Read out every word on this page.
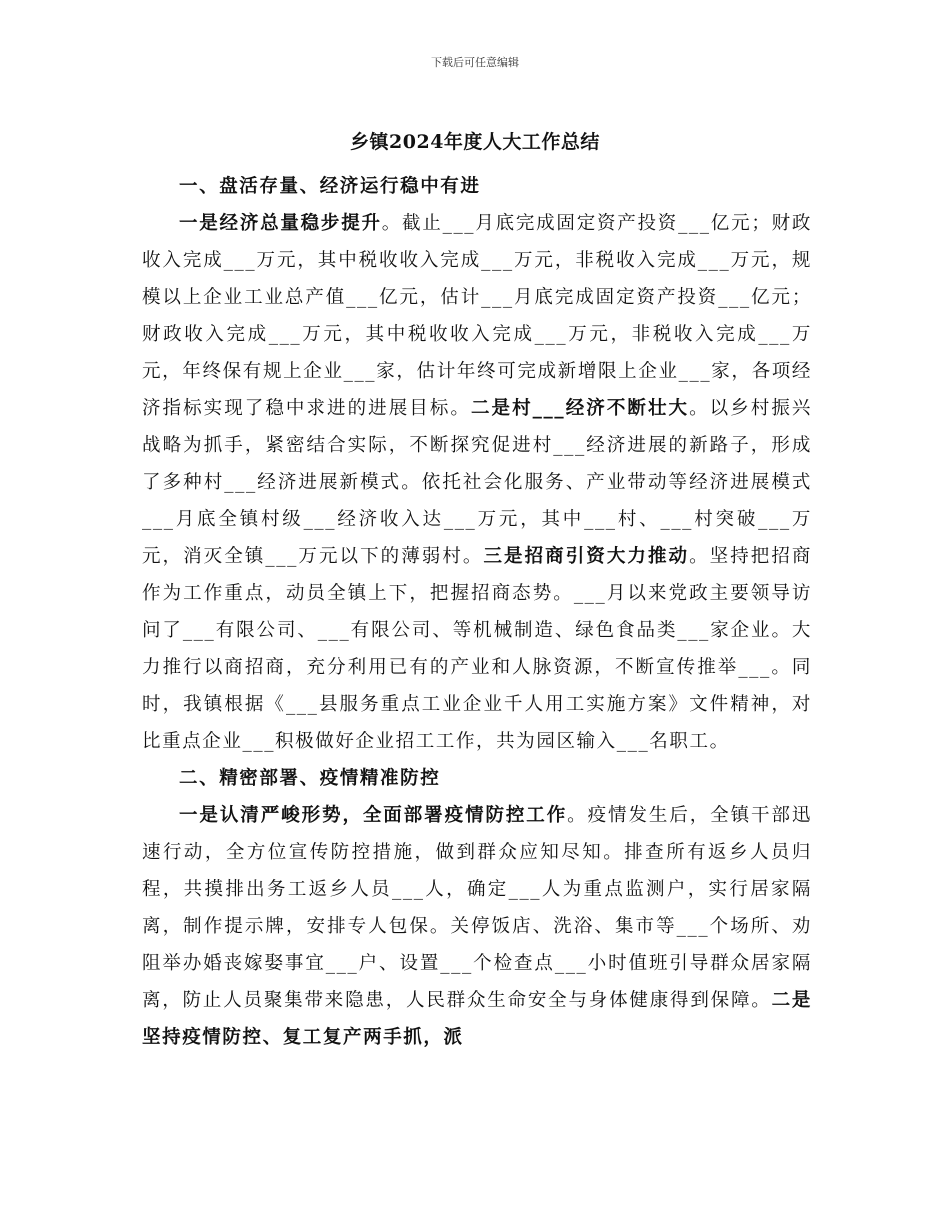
下载后可任意编辑
乡镇2024年度人大工作总结

一、盘活存量、经济运行稳中有进

一是经济总量稳步提升。截止___月底完成固定资产投资___亿元；财政收入完成___万元，其中税收收入完成___万元，非税收入完成___万元，规模以上企业工业总产值___亿元，估计___月底完成固定资产投资___亿元；财政收入完成___万元，其中税收收入完成___万元，非税收入完成___万元，年终保有规上企业___家，估计年终可完成新增限上企业___家，各项经济指标实现了稳中求进的进展目标。二是村___经济不断壮大。以乡村振兴战略为抓手，紧密结合实际，不断探究促进村___经济进展的新路子，形成了多种村___经济进展新模式。依托社会化服务、产业带动等经济进展模式___月底全镇村级___经济收入达___万元，其中___村、___村突破___万元，消灭全镇___万元以下的薄弱村。三是招商引资大力推动。坚持把招商作为工作重点，动员全镇上下，把握招商态势。___月以来党政主要领导访问了___有限公司、___有限公司、等机械制造、绿色食品类___家企业。大力推行以商招商，充分利用已有的产业和人脉资源，不断宣传推举___。同时，我镇根据《___县服务重点工业企业千人用工实施方案》文件精神，对比重点企业___积极做好企业招工工作，共为园区输入___名职工。

二、精密部署、疫情精准防控

一是认清严峻形势，全面部署疫情防控工作。疫情发生后，全镇干部迅速行动，全方位宣传防控措施，做到群众应知尽知。排查所有返乡人员归程，共摸排出务工返乡人员___人，确定___人为重点监测户，实行居家隔离，制作提示牌，安排专人包保。关停饭店、洗浴、集市等___个场所、劝阻举办婚丧嫁娶事宜___户、设置___个检查点___小时值班引导群众居家隔离，防止人员聚集带来隐患，人民群众生命安全与身体健康得到保障。二是坚持疫情防控、复工复产两手抓，派
